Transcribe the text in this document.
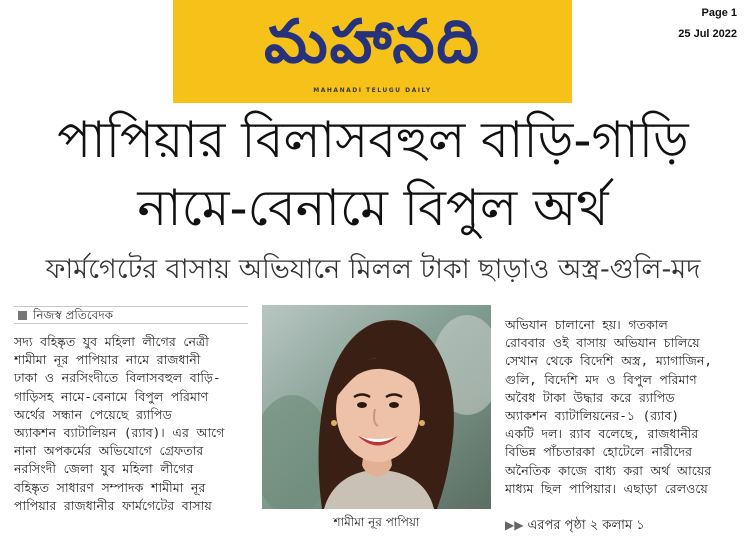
మహానది
MAHANADI TELUGU DAILY
Page 1
25 Jul 2022
পাপিয়ার বিলাসবহুল বাড়ি-গাড়ি
নামে-বেনামে বিপুল অর্থ
ফার্মগেটের বাসায় অভিযানে মিলল টাকা ছাড়াও অস্ত্র-গুলি-মদ
নিজস্ব প্রতিবেদক
সদ্য বহিষ্কৃত যুব মহিলা লীগের নেত্রী
শামীমা নূর পাপিয়ার নামে রাজধানী
ঢাকা ও নরসিংদীতে বিলাসবহুল বাড়ি-
গাড়িসহ নামে-বেনামে বিপুল পরিমাণ
অর্থের সন্ধান পেয়েছে র‌্যাপিড
অ্যাকশন ব্যাটালিয়ন (র‌্যাব)। এর আগে
নানা অপকর্মের অভিযোগে গ্রেফতার
নরসিংদী জেলা যুব মহিলা লীগের
বহিষ্কৃত সাধারণ সম্পাদক শামীমা নূর
পাপিয়ার রাজধানীর ফার্মগেটের বাসায়
শামীমা নূর পাপিয়া
অভিযান চালানো হয়। গতকাল
রোববার ওই বাসায় অভিযান চালিয়ে
সেখান থেকে বিদেশি অস্ত্র, ম্যাগাজিন,
গুলি, বিদেশি মদ ও বিপুল পরিমাণ
অবৈধ টাকা উদ্ধার করে র‌্যাপিড
অ্যাকশন ব্যাটালিয়নের-১ (র‌্যাব)
একটি দল। র‌্যাব বলেছে, রাজধানীর
বিভিন্ন পাঁচতারকা হোটেলে নারীদের
অনৈতিক কাজে বাধ্য করা অর্থ আয়ের
মাধ্যম ছিল পাপিয়ার। এছাড়া রেলওয়ে
▶▶ এরপর পৃষ্ঠা ২ কলাম ১
